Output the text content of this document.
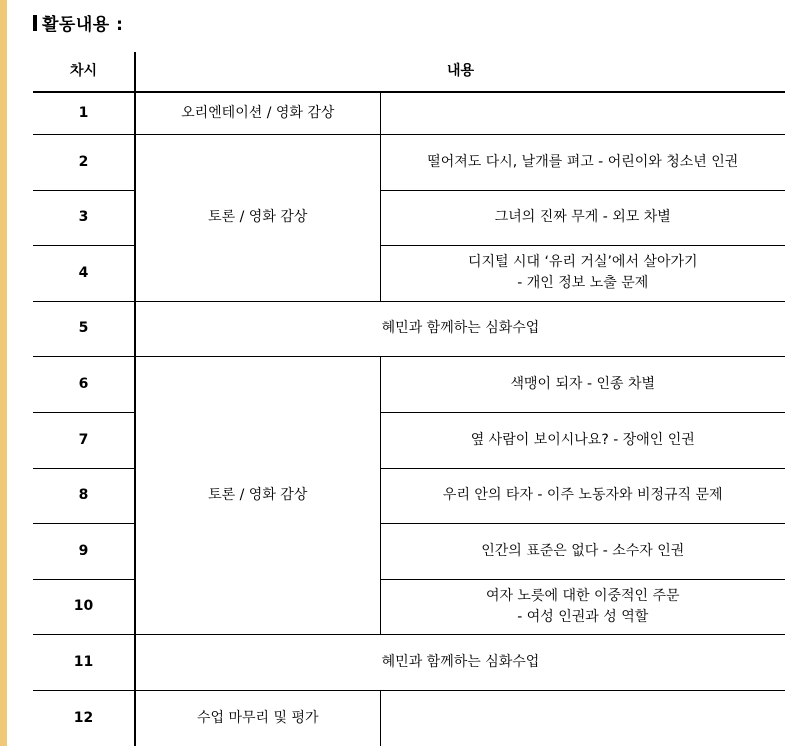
활동내용 :
차시	내용	
1	오리엔테이션 / 영화 감상	
2	토론 / 영화 감상	떨어져도 다시, 날개를 펴고 - 어린이와 청소년 인권
3		그녀의 진짜 무게 - 외모 차별
4		디지털 시대 ‘유리 거실’에서 살아가기
- 개인 정보 노출 문제

5	혜민과 함께하는 심화수업	
6	토론 / 영화 감상	색맹이 되자 - 인종 차별
7		옆 사람이 보이시나요? - 장애인 인권
8		우리 안의 타자 - 이주 노동자와 비정규직 문제
9		인간의 표준은 없다 - 소수자 인권
10		여자 노릇에 대한 이중적인 주문
- 여성 인권과 성 역할

11	혜민과 함께하는 심화수업	
12	수업 마무리 및 평가	
